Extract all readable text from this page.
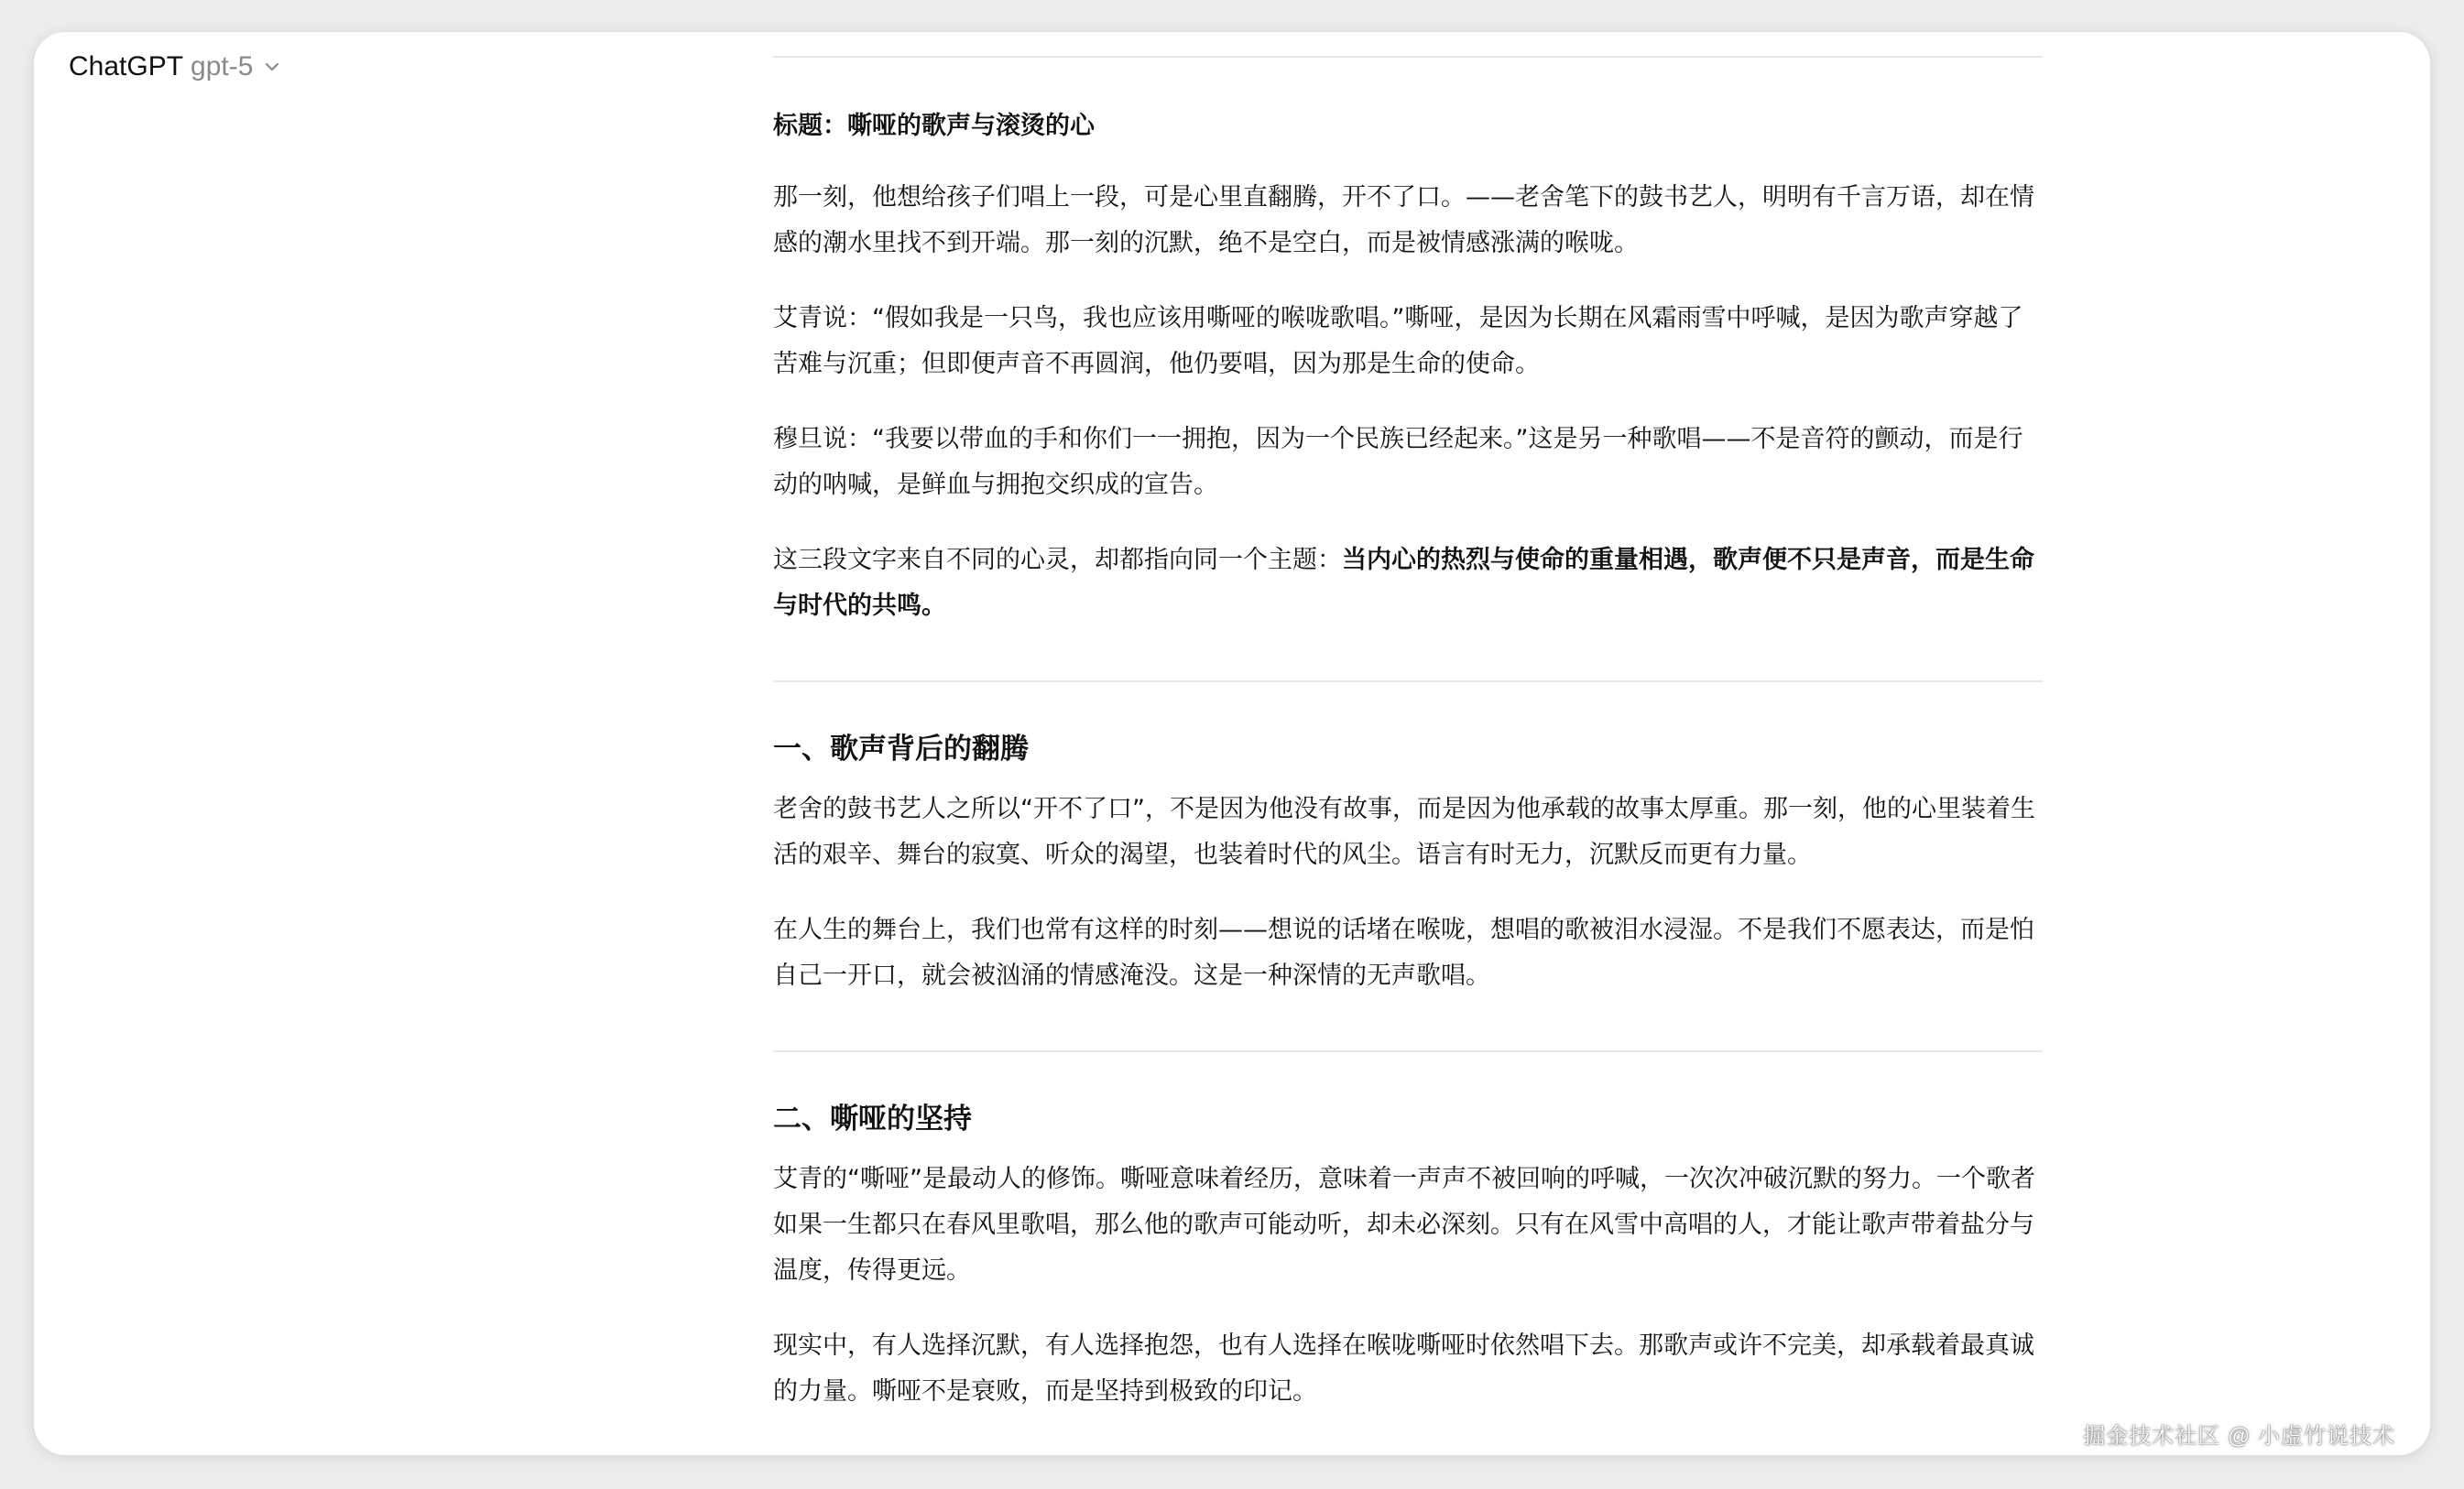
ChatGPT gpt-5
标题：嘶哑的歌声与滚烫的心

那一刻，他想给孩子们唱上一段，可是心里直翻腾，开不了口。——老舍笔下的鼓书艺人，明明有千言万语，却在情感的潮水里找不到开端。那一刻的沉默，绝不是空白，而是被情感涨满的喉咙。

艾青说：“假如我是一只鸟，我也应该用嘶哑的喉咙歌唱。”嘶哑，是因为长期在风霜雨雪中呼喊，是因为歌声穿越了苦难与沉重；但即便声音不再圆润，他仍要唱，因为那是生命的使命。

穆旦说：“我要以带血的手和你们一一拥抱，因为一个民族已经起来。”这是另一种歌唱——不是音符的颤动，而是行动的呐喊，是鲜血与拥抱交织成的宣告。

这三段文字来自不同的心灵，却都指向同一个主题：当内心的热烈与使命的重量相遇，歌声便不只是声音，而是生命与时代的共鸣。

一、歌声背后的翻腾

老舍的鼓书艺人之所以“开不了口”，不是因为他没有故事，而是因为他承载的故事太厚重。那一刻，他的心里装着生活的艰辛、舞台的寂寞、听众的渴望，也装着时代的风尘。语言有时无力，沉默反而更有力量。

在人生的舞台上，我们也常有这样的时刻——想说的话堵在喉咙，想唱的歌被泪水浸湿。不是我们不愿表达，而是怕自己一开口，就会被汹涌的情感淹没。这是一种深情的无声歌唱。

二、嘶哑的坚持

艾青的“嘶哑”是最动人的修饰。嘶哑意味着经历，意味着一声声不被回响的呼喊，一次次冲破沉默的努力。一个歌者如果一生都只在春风里歌唱，那么他的歌声可能动听，却未必深刻。只有在风雪中高唱的人，才能让歌声带着盐分与温度，传得更远。

现实中，有人选择沉默，有人选择抱怨，也有人选择在喉咙嘶哑时依然唱下去。那歌声或许不完美，却承载着最真诚的力量。嘶哑不是衰败，而是坚持到极致的印记。

掘金技术社区 @ 小虚竹说技术
